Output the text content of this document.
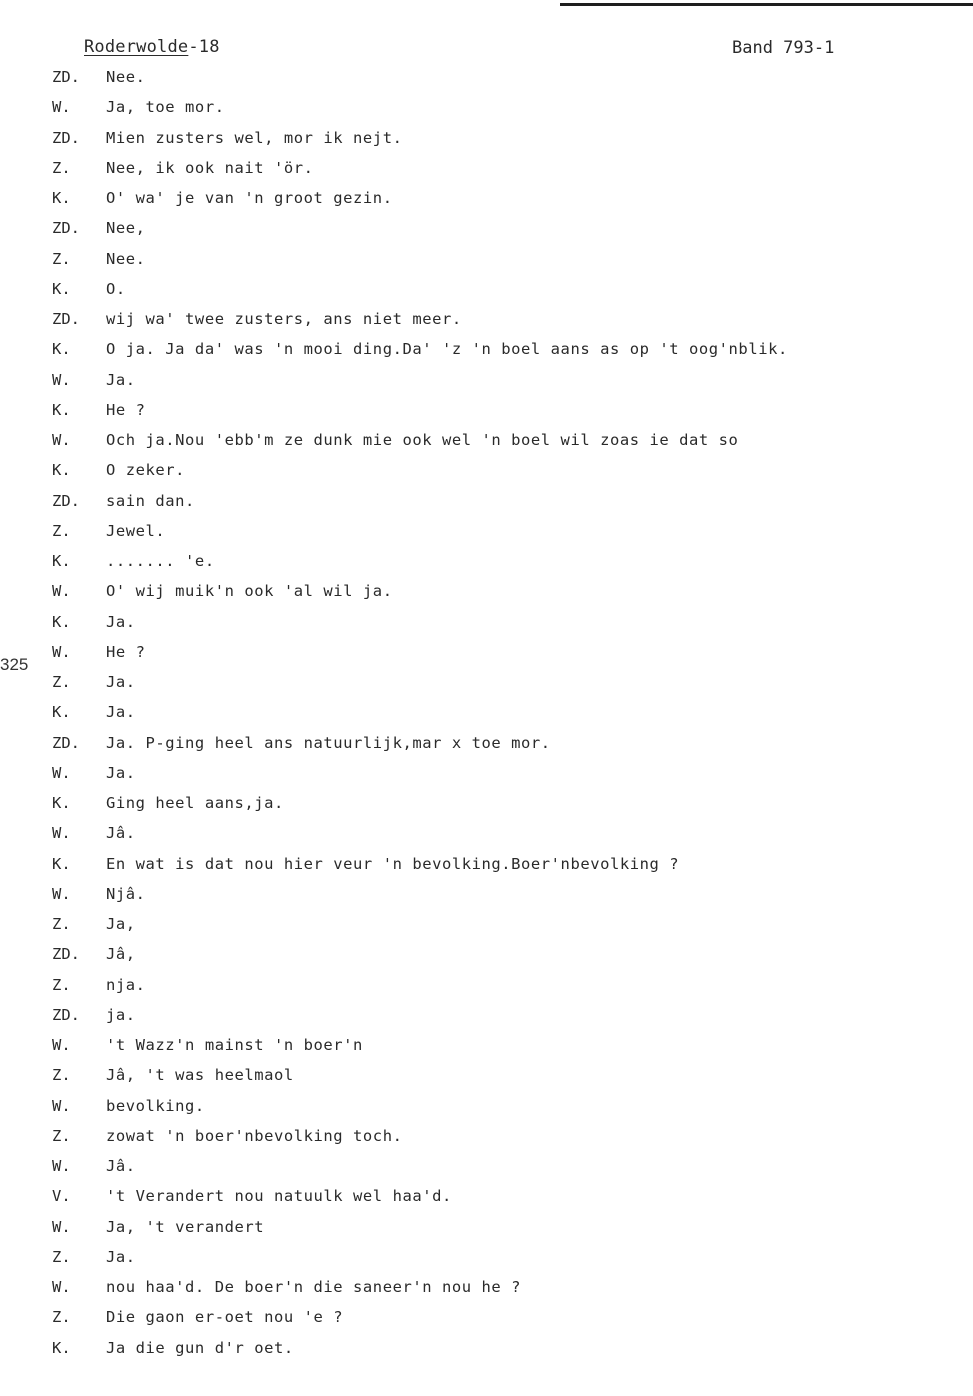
Roderwolde-18	Band 793-1
325
ZD.	Nee.
W.	Ja, toe mor.
ZD.	Mien zusters wel, mor ik nejt.
Z.	Nee, ik ook nait 'ör.
K.	O' wa' je van 'n groot gezin.
ZD.	Nee,
Z.	Nee.
K.	O.
ZD.	wij wa' twee zusters, ans niet meer.
K.	O ja. Ja da' was 'n mooi ding.Da' 'z 'n boel aans as op 't oog'nblik.
W.	Ja.
K.	He ?
W.	Och ja.Nou 'ebb'm ze dunk mie ook wel 'n boel wil zoas ie dat so
K.	O zeker.
ZD.	sain dan.
Z.	Jewel.
K.	....... 'e.
W.	O' wij muik'n ook 'al wil ja.
K.	Ja.
W.	He ?
Z.	Ja.
K.	Ja.
ZD.	Ja. P-ging heel ans natuurlijk,mar x toe mor.
W.	Ja.
K.	Ging heel aans,ja.
W.	Jâ.
K.	En wat is dat nou hier veur 'n bevolking.Boer'nbevolking ?
W.	Njâ.
Z.	Ja,
ZD.	Jâ,
Z.	nja.
ZD.	ja.
W.	't Wazz'n mainst 'n boer'n
Z.	Jâ, 't was heelmaol
W.	bevolking.
Z.	zowat 'n boer'nbevolking toch.
W.	Jâ.
V.	't Verandert nou natuulk wel haa'd.
W.	Ja, 't verandert
Z.	Ja.
W.	nou haa'd. De boer'n die saneer'n nou he ?
Z.	Die gaon er-oet nou 'e ?
K.	Ja die gun d'r oet.
